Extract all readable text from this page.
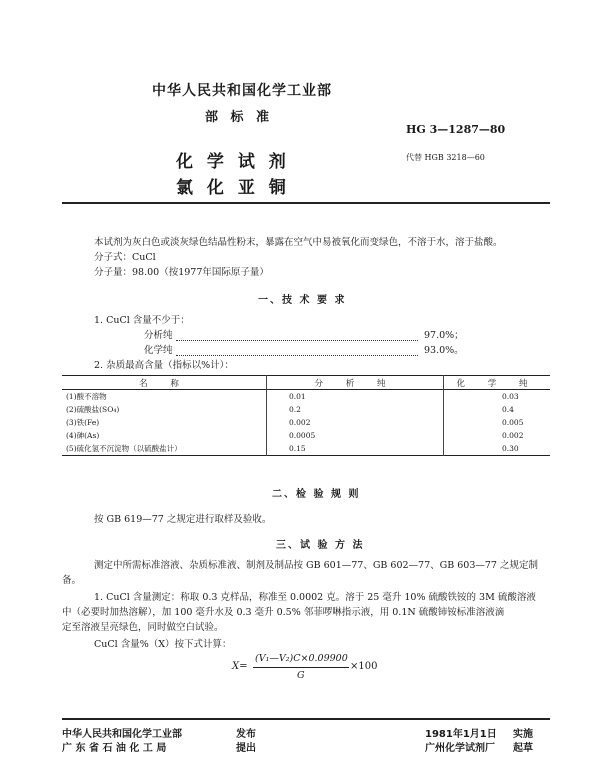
中华人民共和国化学工业部
部 标 准
HG 3—1287—80
化 学 试 剂
氯 化 亚 铜
代替 HGB 3218—60
本试剂为灰白色或淡灰绿色结晶性粉末，暴露在空气中易被氧化而变绿色，不溶于水，溶于盐酸。
分子式：CuCl
分子量：98.00（按1977年国际原子量）
一、技 术 要 求
1. CuCl 含量不少于：
分析纯	97.0%；
化学纯	93.0%。
2. 杂质最高含量（指标以%计）：
名 称	分 析 纯	化 学 纯
(1)酸不溶物	0.01	0.03
(2)硫酸盐(SO₄)	0.2	0.4
(3)铁(Fe)	0.002	0.005
(4)砷(As)	0.0005	0.002
(5)硫化氢不沉淀物（以硫酸盐计）	0.15	0.30
二、检 验 规 则
按 GB 619—77 之规定进行取样及验收。
三、试 验 方 法
测定中所需标准溶液、杂质标准液、制剂及制品按 GB 601—77、GB 602—77、GB 603—77 之规定制
备。
1. CuCl 含量测定：称取 0.3 克样品，称准至 0.0002 克。溶于 25 毫升 10% 硫酸铁铵的 3M 硫酸溶液
中（必要时加热溶解），加 100 毫升水及 0.3 毫升 0.5% 邻菲啰啉指示液，用 0.1N 硫酸铈铵标准溶液滴
定至溶液呈亮绿色，同时做空白试验。
CuCl 含量%（X）按下式计算：
X=
(V₁—V₂)C×0.09900
G
×100
中华人民共和国化学工业部	发布
广 东 省 石 油 化 工 局	提出
1981年1月1日 实施
广州化学试剂厂 起草
